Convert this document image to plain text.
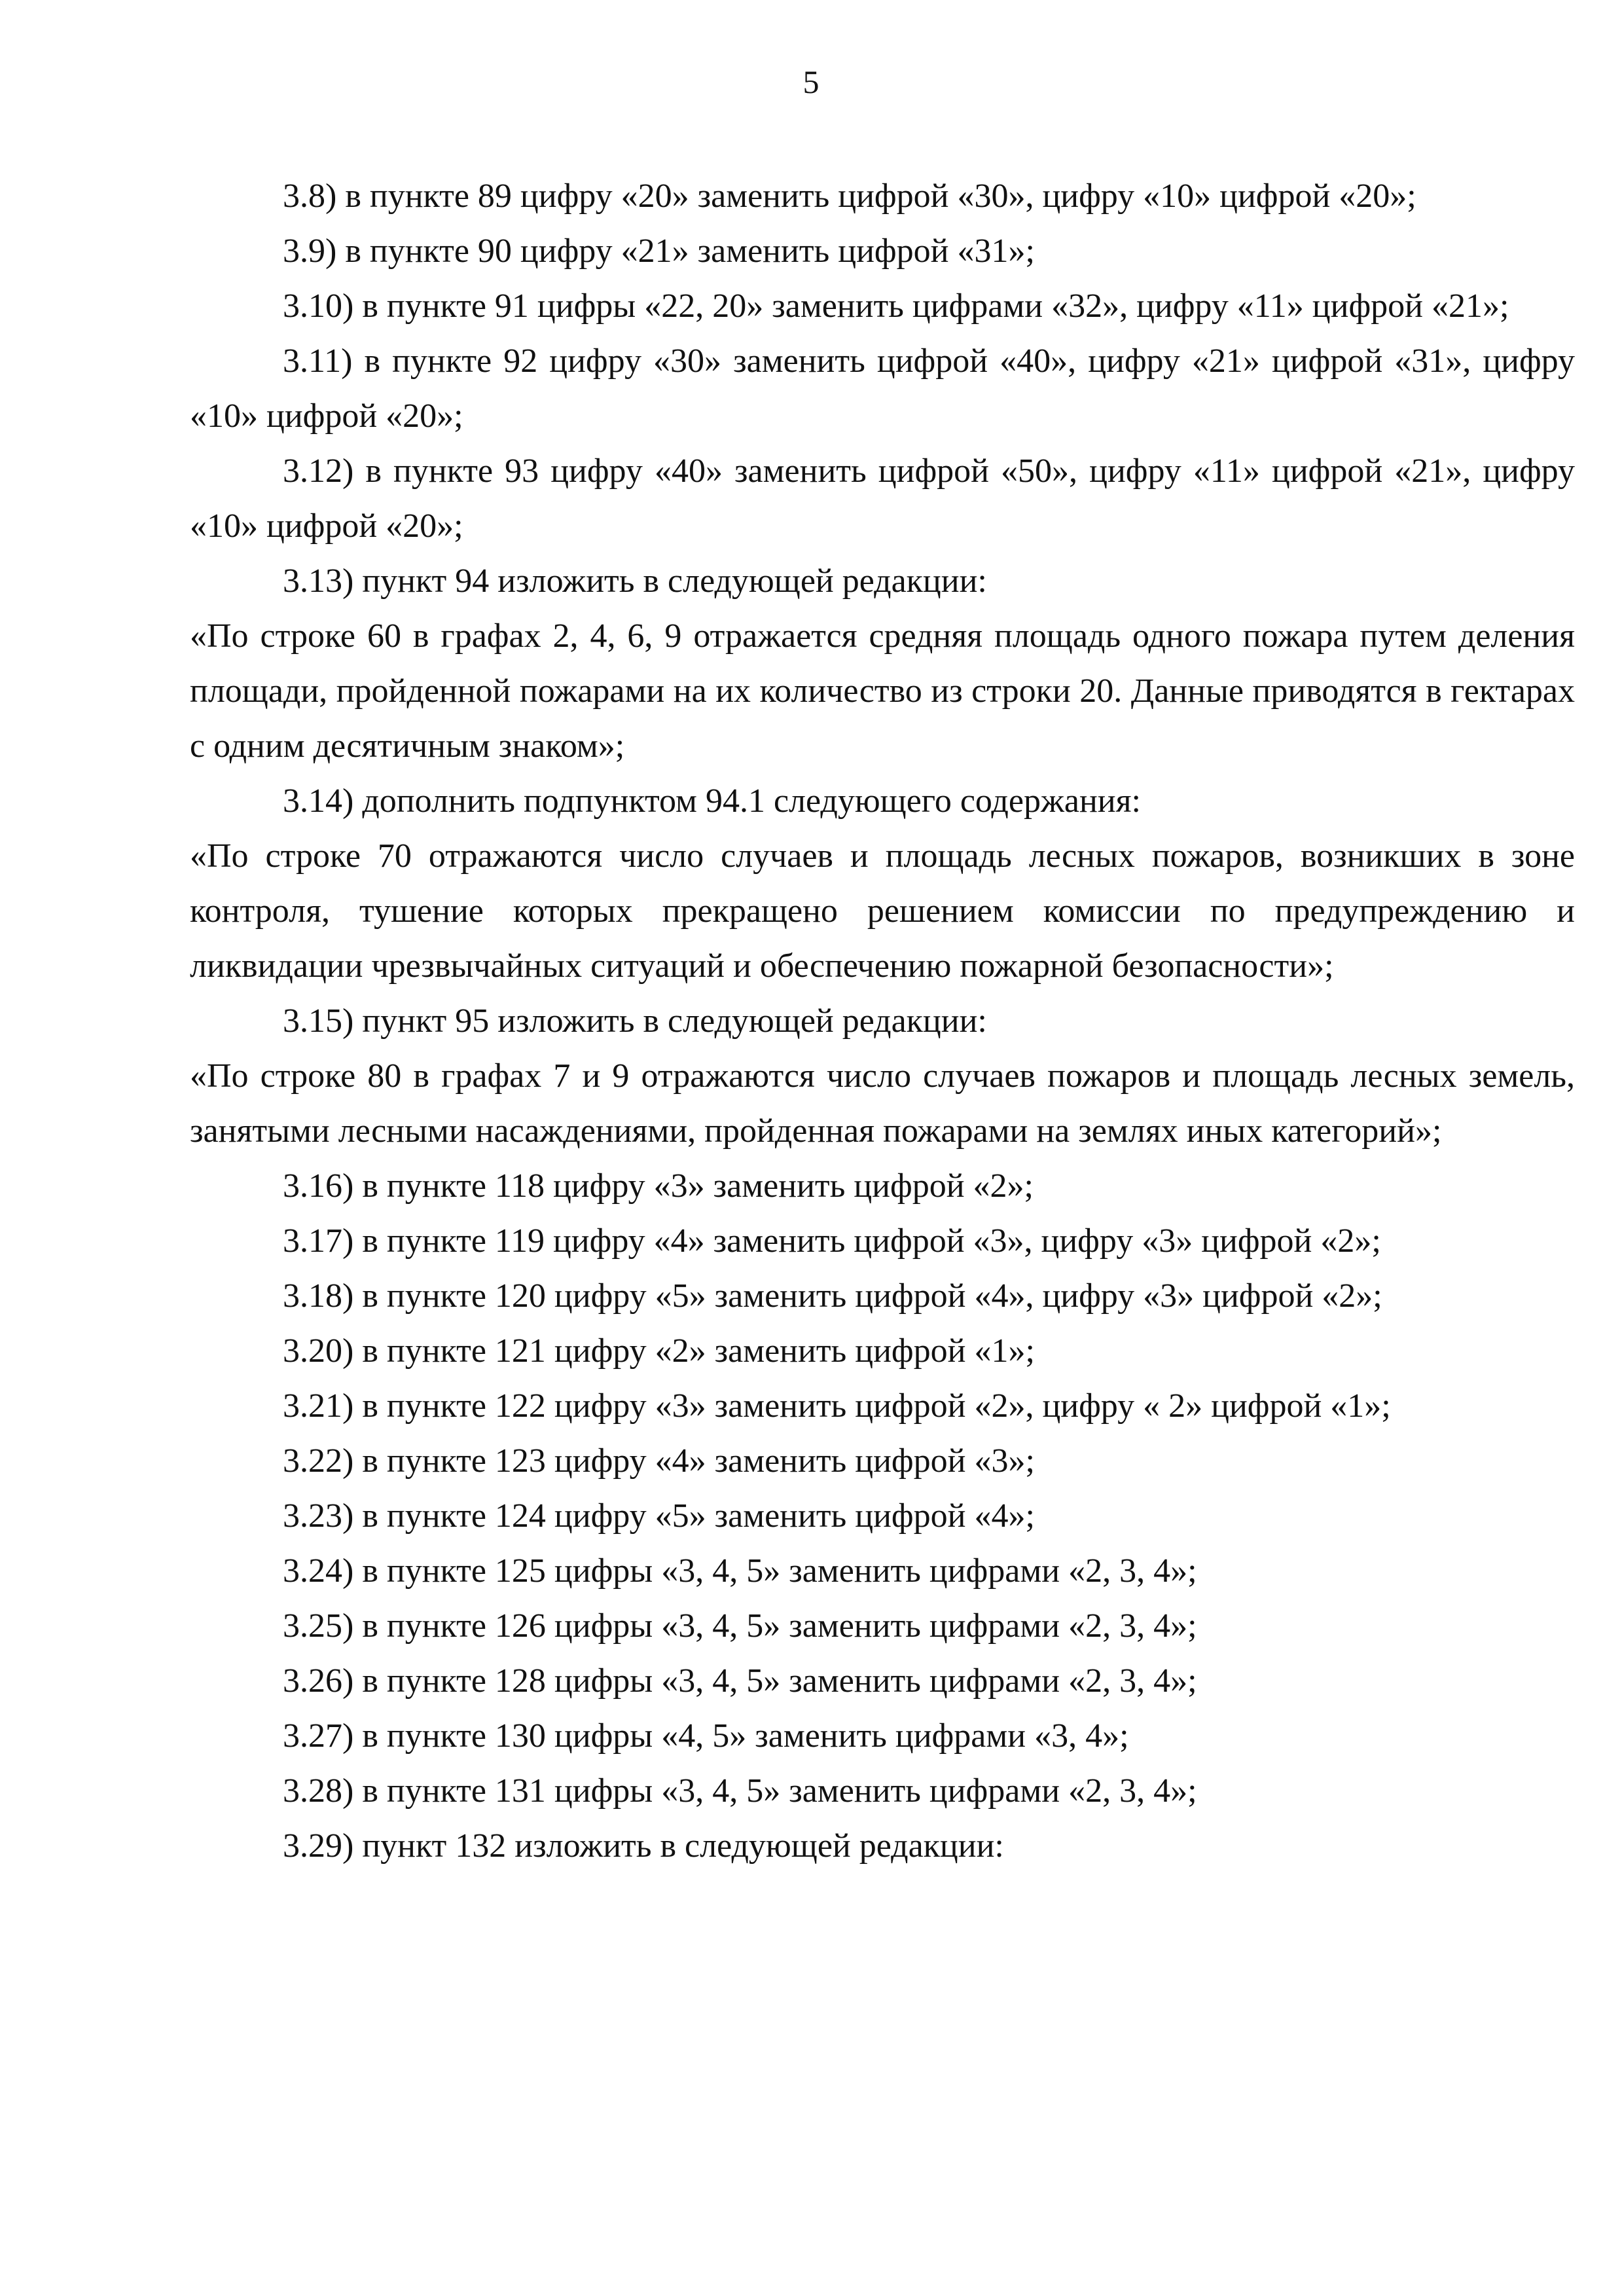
5

3.8) в пункте 89 цифру «20» заменить цифрой «30», цифру «10» цифрой «20»;

3.9) в пункте 90 цифру «21» заменить цифрой «31»;

3.10) в пункте 91 цифры «22, 20» заменить цифрами «32», цифру «11» цифрой «21»;

3.11) в пункте 92 цифру «30» заменить цифрой «40», цифру «21» цифрой «31», цифру «10» цифрой «20»;

3.12) в пункте 93 цифру «40» заменить цифрой «50», цифру «11» цифрой «21», цифру «10» цифрой «20»;

3.13) пункт 94 изложить в следующей редакции:

«По строке 60 в графах 2, 4, 6, 9 отражается средняя площадь одного пожара путем деления площади, пройденной пожарами на их количество из строки 20. Данные приводятся в гектарах с одним десятичным знаком»;

3.14) дополнить подпунктом 94.1 следующего содержания:

«По строке 70 отражаются число случаев и площадь лесных пожаров, возникших в зоне контроля, тушение которых прекращено решением комиссии по предупреждению и ликвидации чрезвычайных ситуаций и обеспечению пожарной безопасности»;

3.15) пункт 95 изложить в следующей редакции:

«По строке 80 в графах 7 и 9 отражаются число случаев пожаров и площадь лесных земель, занятыми лесными насаждениями, пройденная пожарами на землях иных категорий»;

3.16) в пункте 118 цифру «3» заменить цифрой «2»;

3.17) в пункте 119 цифру «4» заменить цифрой «3», цифру «3» цифрой «2»;

3.18) в пункте 120 цифру «5» заменить цифрой «4», цифру «3» цифрой «2»;

3.20) в пункте 121 цифру «2» заменить цифрой «1»;

3.21) в пункте 122 цифру «3» заменить цифрой «2», цифру « 2» цифрой «1»;

3.22) в пункте 123 цифру «4» заменить цифрой «3»;

3.23) в пункте 124 цифру «5» заменить цифрой «4»;

3.24) в пункте 125 цифры «3, 4, 5» заменить цифрами «2, 3, 4»;

3.25) в пункте 126 цифры «3, 4, 5» заменить цифрами «2, 3, 4»;

3.26) в пункте 128 цифры «3, 4, 5» заменить цифрами «2, 3, 4»;

3.27) в пункте 130 цифры «4, 5» заменить цифрами «3, 4»;

3.28) в пункте 131 цифры «3, 4, 5» заменить цифрами «2, 3, 4»;

3.29) пункт 132 изложить в следующей редакции:
